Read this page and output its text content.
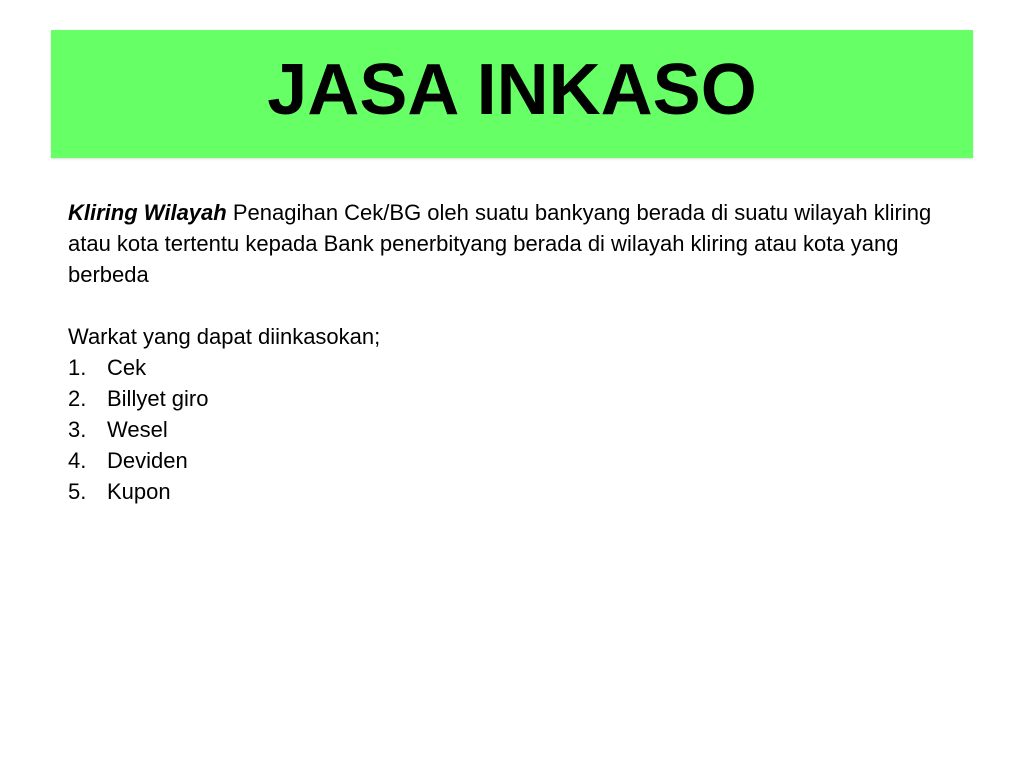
JASA INKASO

Kliring Wilayah Penagihan Cek/BG oleh suatu bankyang berada di suatu wilayah kliring atau kota tertentu kepada Bank penerbityang berada di wilayah kliring atau kota yang berbeda

Warkat yang dapat diinkasokan;

1. Cek
2. Billyet giro
3. Wesel
4. Deviden
5. Kupon
